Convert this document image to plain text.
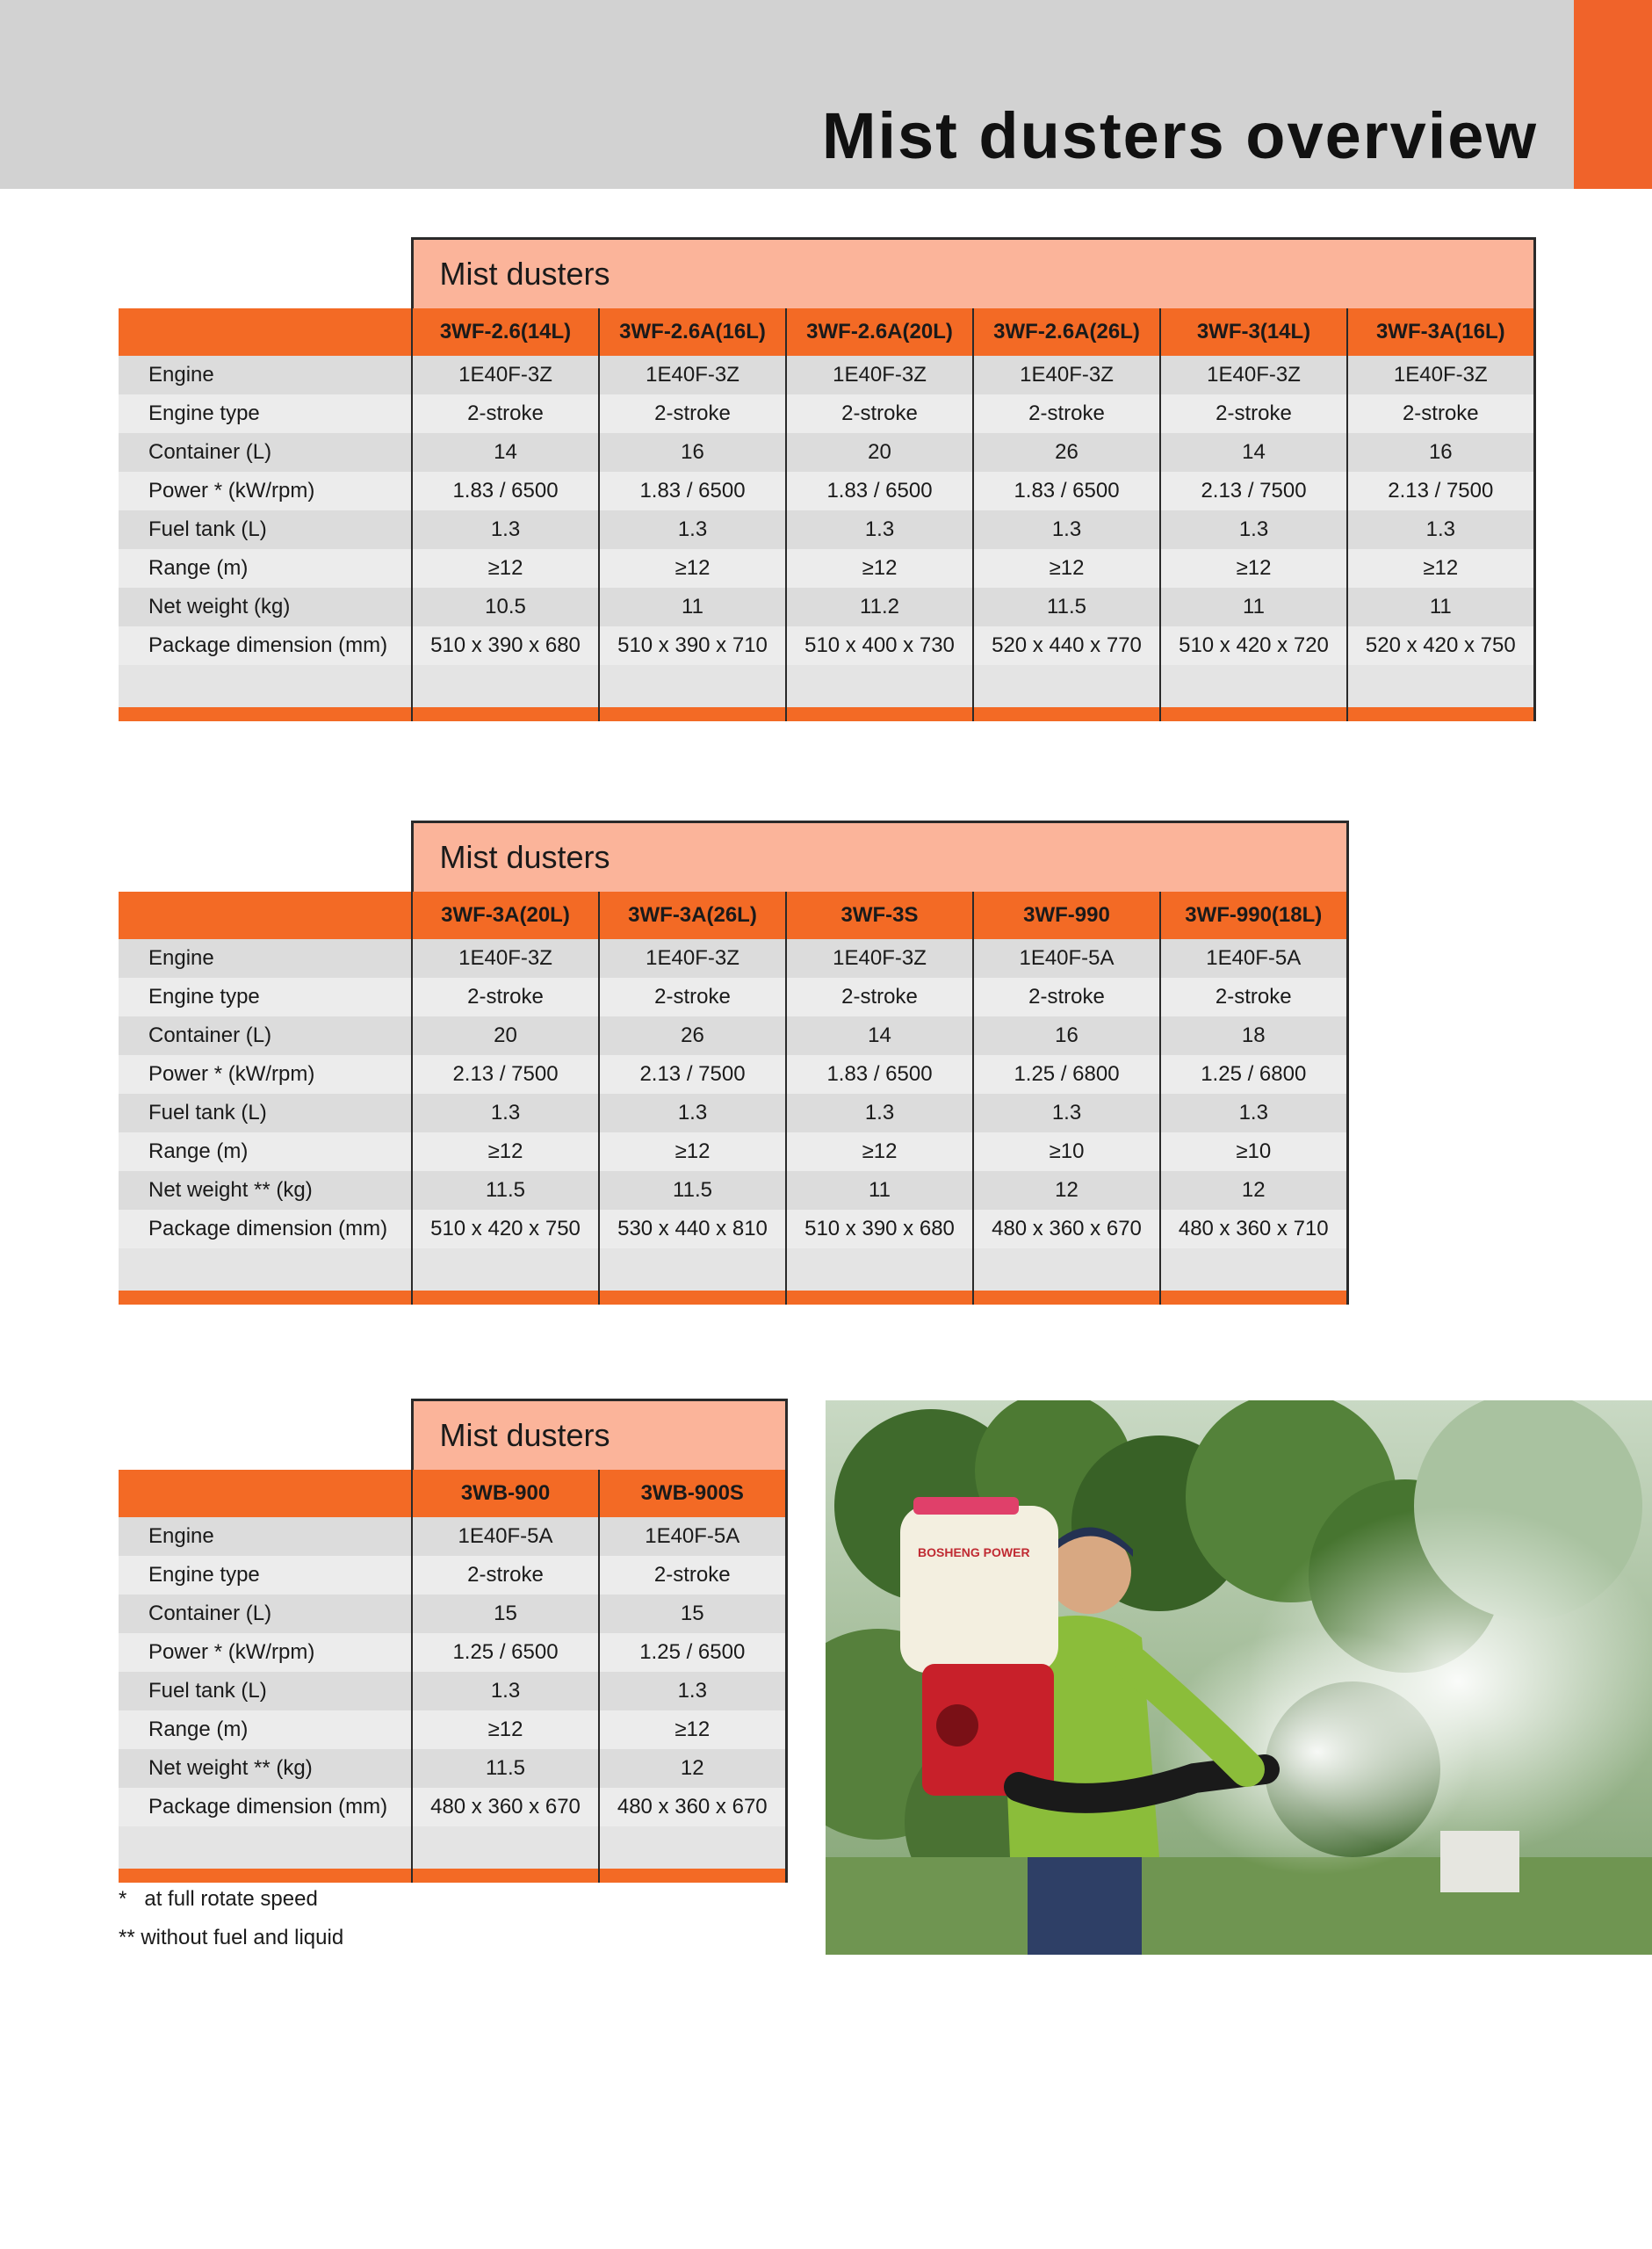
Mist dusters overview
	Mist dusters					
	3WF-2.6(14L)	3WF-2.6A(16L)	3WF-2.6A(20L)	3WF-2.6A(26L)	3WF-3(14L)	3WF-3A(16L)
Engine	1E40F-3Z	1E40F-3Z	1E40F-3Z	1E40F-3Z	1E40F-3Z	1E40F-3Z
Engine type	2-stroke	2-stroke	2-stroke	2-stroke	2-stroke	2-stroke
Container (L)	14	16	20	26	14	16
Power * (kW/rpm)	1.83 / 6500	1.83 / 6500	1.83 / 6500	1.83 / 6500	2.13 / 7500	2.13 / 7500
Fuel tank (L)	1.3	1.3	1.3	1.3	1.3	1.3
Range (m)	≥12	≥12	≥12	≥12	≥12	≥12
Net weight (kg)	10.5	11	11.2	11.5	11	11
Package dimension (mm)	510 x 390 x 680	510 x 390 x 710	510 x 400 x 730	520 x 440 x 770	510 x 420 x 720	520 x 420 x 750

	Mist dusters				
	3WF-3A(20L)	3WF-3A(26L)	3WF-3S	3WF-990	3WF-990(18L)
Engine	1E40F-3Z	1E40F-3Z	1E40F-3Z	1E40F-5A	1E40F-5A
Engine type	2-stroke	2-stroke	2-stroke	2-stroke	2-stroke
Container (L)	20	26	14	16	18
Power * (kW/rpm)	2.13 / 7500	2.13 / 7500	1.83 / 6500	1.25 / 6800	1.25 / 6800
Fuel tank (L)	1.3	1.3	1.3	1.3	1.3
Range (m)	≥12	≥12	≥12	≥10	≥10
Net weight ** (kg)	11.5	11.5	11	12	12
Package dimension (mm)	510 x 420 x 750	530 x 440 x 810	510 x 390 x 680	480 x 360 x 670	480 x 360 x 710

	Mist dusters	
	3WB-900	3WB-900S
Engine	1E40F-5A	1E40F-5A
Engine type	2-stroke	2-stroke
Container (L)	15	15
Power * (kW/rpm)	1.25 / 6500	1.25 / 6500
Fuel tank (L)	1.3	1.3
Range (m)	≥12	≥12
Net weight ** (kg)	11.5	12
Package dimension (mm)	480 x 360 x 670	480 x 360 x 670

*   at full rotate speed
** without fuel and liquid
BOSHENG POWER
